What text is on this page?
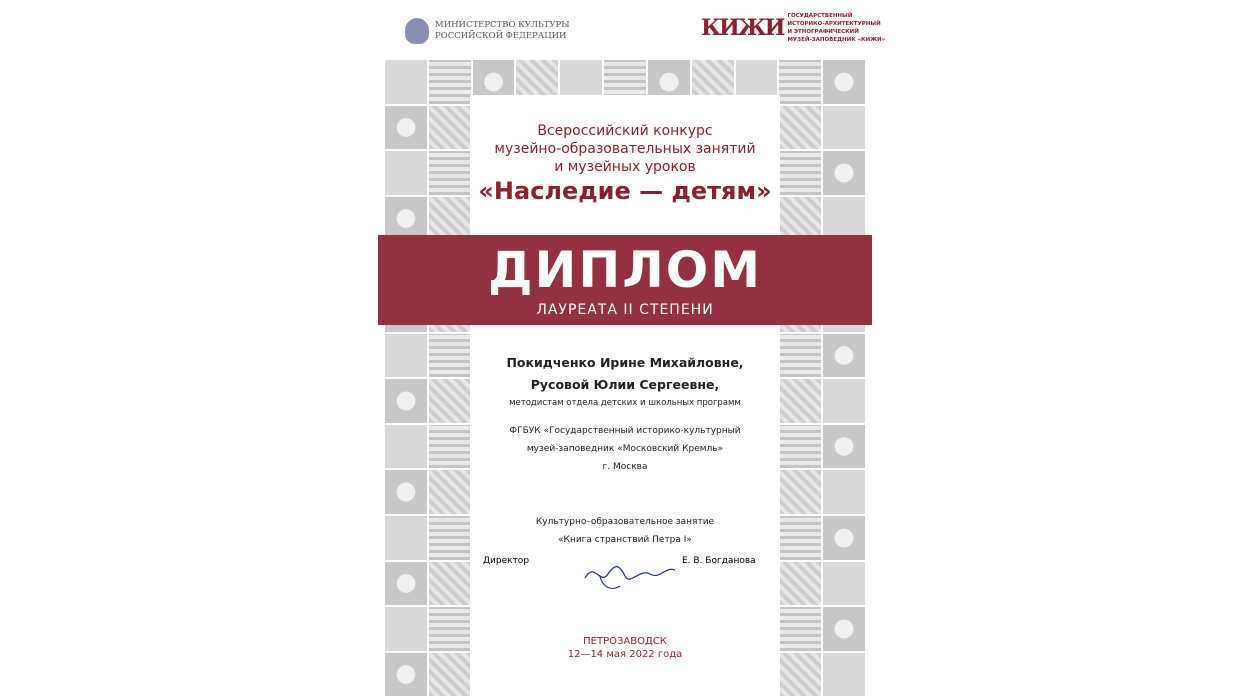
МИНИСТЕРСТВО КУЛЬТУРЫ
РОССИЙСКОЙ ФЕДЕРАЦИИ	КИЖИ ГОСУДАРСТВЕННЫЙ
ИСТОРИКО-АРХИТЕКТУРНЫЙ
И ЭТНОГРАФИЧЕСКИЙ
МУЗЕЙ-ЗАПОВЕДНИК «КИЖИ»
Всероссийский конкурс
музейно-образовательных занятий
и музейных уроков
«Наследие — детям»
ДИПЛОМ
ЛАУРЕАТА II СТЕПЕНИ
Покидченко Ирине Михайловне,
Русовой Юлии Сергеевне,
методистам отдела детских и школьных программ
ФГБУК «Государственный историко-культурный
музей-заповедник «Московский Кремль»
г. Москва
Культурно–образовательное занятие
«Книга странствий Петра I»
Директор	Е. В. Богданова
ПЕТРОЗАВОДСК
12—14 мая 2022 года
